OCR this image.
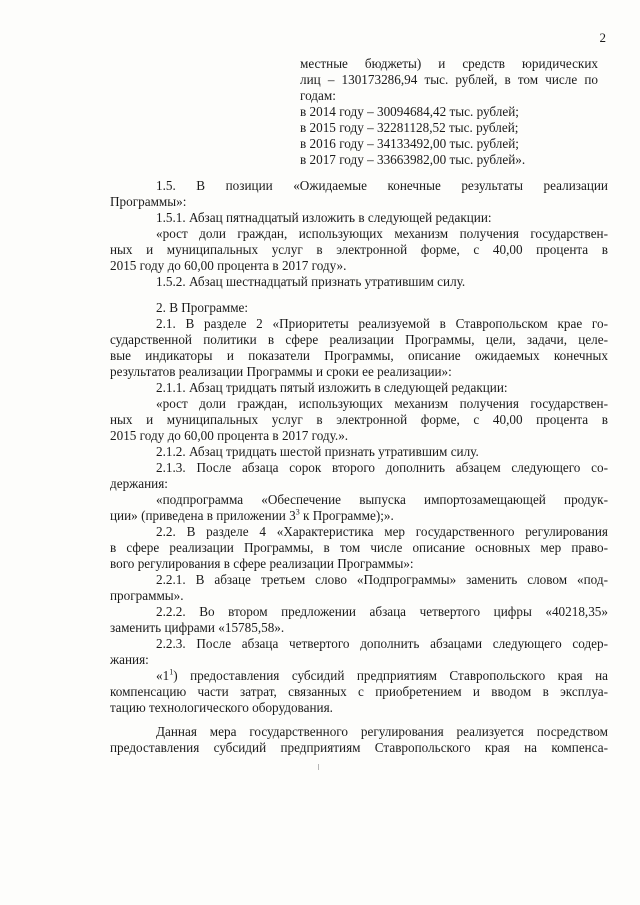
2
местные бюджеты) и средств юридических
лиц – 130173286,94 тыс. рублей, в том числе по
годам:
в 2014 году – 30094684,42 тыс. рублей;
в 2015 году – 32281128,52 тыс. рублей;
в 2016 году – 34133492,00 тыс. рублей;
в 2017 году – 33663982,00 тыс. рублей».
1.5. В позиции «Ожидаемые конечные результаты реализации
Программы»:
1.5.1. Абзац пятнадцатый изложить в следующей редакции:
«рост доли граждан, использующих механизм получения государствен-
ных и муниципальных услуг в электронной форме, с 40,00 процента в
2015 году до 60,00 процента в 2017 году».
1.5.2. Абзац шестнадцатый признать утратившим силу.
2. В Программе:
2.1. В разделе 2 «Приоритеты реализуемой в Ставропольском крае го-
сударственной политики в сфере реализации Программы, цели, задачи, целе-
вые индикаторы и показатели Программы, описание ожидаемых конечных
результатов реализации Программы и сроки ее реализации»:
2.1.1. Абзац тридцать пятый изложить в следующей редакции:
«рост доли граждан, использующих механизм получения государствен-
ных и муниципальных услуг в электронной форме, с 40,00 процента в
2015 году до 60,00 процента в 2017 году.».
2.1.2. Абзац тридцать шестой признать утратившим силу.
2.1.3. После абзаца сорок второго дополнить абзацем следующего со-
держания:
«подпрограмма «Обеспечение выпуска импортозамещающей продук-
ции» (приведена в приложении $3^3$ к Программе);».
2.2. В разделе 4 «Характеристика мер государственного регулирования
в сфере реализации Программы, в том числе описание основных мер право-
вого регулирования в сфере реализации Программы»:
2.2.1. В абзаце третьем слово «Подпрограммы» заменить словом «под-
программы».
2.2.2. Во втором предложении абзаца четвертого цифры «40218,35»
заменить цифрами «15785,58».
2.2.3. После абзаца четвертого дополнить абзацами следующего содер-
жания:
«$1^1$) предоставления субсидий предприятиям Ставропольского края на
компенсацию части затрат, связанных с приобретением и вводом в эксплуа-
тацию технологического оборудования.
Данная мера государственного регулирования реализуется посредством
предоставления субсидий предприятиям Ставропольского края на компенса-
